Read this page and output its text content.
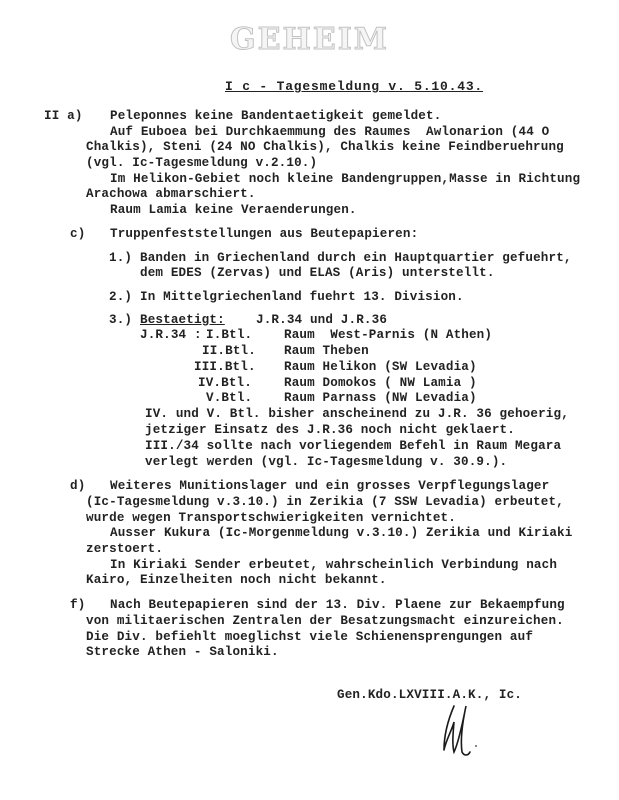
GEHEIM
I c - Tagesmeldung v. 5.10.43.
II a) Peleponnes keine Bandentaetigkeit gemeldet.
Auf Euboea bei Durchkaemmung des Raumes  Awlonarion (44 O
Chalkis), Steni (24 NO Chalkis), Chalkis keine Feindberuehrung
(vgl. Ic-Tagesmeldung v.2.10.)
Im Helikon-Gebiet noch kleine Bandengruppen,Masse in Richtung
Arachowa abmarschiert.
Raum Lamia keine Veraenderungen.
c) Truppenfeststellungen aus Beutepapieren:
1.) Banden in Griechenland durch ein Hauptquartier gefuehrt,
dem EDES (Zervas) und ELAS (Aris) unterstellt.
2.) In Mittelgriechenland fuehrt 13. Division.
3.) Bestaetigt: J.R.34 und J.R.36
J.R.34 : I.Btl.	Raum  West-Parnis (N Athen)
II.Btl. Raum Theben
III.Btl. Raum Helikon (SW Levadia)
IV.Btl.	Raum Domokos ( NW Lamia )
V.Btl.	Raum Parnass (NW Levadia)
IV. und V. Btl. bisher anscheinend zu J.R. 36 gehoerig,
jetziger Einsatz des J.R.36 noch nicht geklaert.
III./34 sollte nach vorliegendem Befehl in Raum Megara
verlegt werden (vgl. Ic-Tagesmeldung v. 30.9.).
d) Weiteres Munitionslager und ein grosses Verpflegungslager
(Ic-Tagesmeldung v.3.10.) in Zerikia (7 SSW Levadia) erbeutet,
wurde wegen Transportschwierigkeiten vernichtet.
Ausser Kukura (Ic-Morgenmeldung v.3.10.) Zerikia und Kiriaki
zerstoert.
In Kiriaki Sender erbeutet, wahrscheinlich Verbindung nach
Kairo, Einzelheiten noch nicht bekannt.
f) Nach Beutepapieren sind der 13. Div. Plaene zur Bekaempfung
von militaerischen Zentralen der Besatzungsmacht einzureichen.
Die Div. befiehlt moeglichst viele Schienensprengungen auf
Strecke Athen - Saloniki.
Gen.Kdo.LXVIII.A.K., Ic.
